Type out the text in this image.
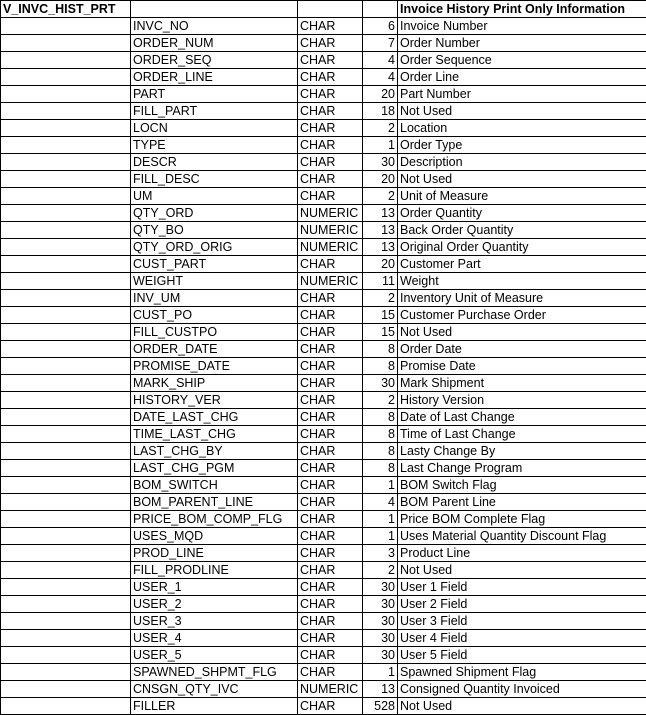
V_INVC_HIST_PRT				Invoice History Print Only Information
	INVC_NO	CHAR	6	Invoice Number
	ORDER_NUM	CHAR	7	Order Number
	ORDER_SEQ	CHAR	4	Order Sequence
	ORDER_LINE	CHAR	4	Order Line
	PART	CHAR	20	Part Number
	FILL_PART	CHAR	18	Not Used
	LOCN	CHAR	2	Location
	TYPE	CHAR	1	Order Type
	DESCR	CHAR	30	Description
	FILL_DESC	CHAR	20	Not Used
	UM	CHAR	2	Unit of Measure
	QTY_ORD	NUMERIC	13	Order Quantity
	QTY_BO	NUMERIC	13	Back Order Quantity
	QTY_ORD_ORIG	NUMERIC	13	Original Order Quantity
	CUST_PART	CHAR	20	Customer Part
	WEIGHT	NUMERIC	11	Weight
	INV_UM	CHAR	2	Inventory Unit of Measure
	CUST_PO	CHAR	15	Customer Purchase Order
	FILL_CUSTPO	CHAR	15	Not Used
	ORDER_DATE	CHAR	8	Order Date
	PROMISE_DATE	CHAR	8	Promise Date
	MARK_SHIP	CHAR	30	Mark Shipment
	HISTORY_VER	CHAR	2	History Version
	DATE_LAST_CHG	CHAR	8	Date of Last Change
	TIME_LAST_CHG	CHAR	8	Time of Last Change
	LAST_CHG_BY	CHAR	8	Lasty Change By
	LAST_CHG_PGM	CHAR	8	Last Change Program
	BOM_SWITCH	CHAR	1	BOM Switch Flag
	BOM_PARENT_LINE	CHAR	4	BOM Parent Line
	PRICE_BOM_COMP_FLG	CHAR	1	Price BOM Complete Flag
	USES_MQD	CHAR	1	Uses Material Quantity Discount Flag
	PROD_LINE	CHAR	3	Product Line
	FILL_PRODLINE	CHAR	2	Not Used
	USER_1	CHAR	30	User 1 Field
	USER_2	CHAR	30	User 2 Field
	USER_3	CHAR	30	User 3 Field
	USER_4	CHAR	30	User 4 Field
	USER_5	CHAR	30	User 5 Field
	SPAWNED_SHPMT_FLG	CHAR	1	Spawned Shipment Flag
	CNSGN_QTY_IVC	NUMERIC	13	Consigned Quantity Invoiced
	FILLER	CHAR	528	Not Used
